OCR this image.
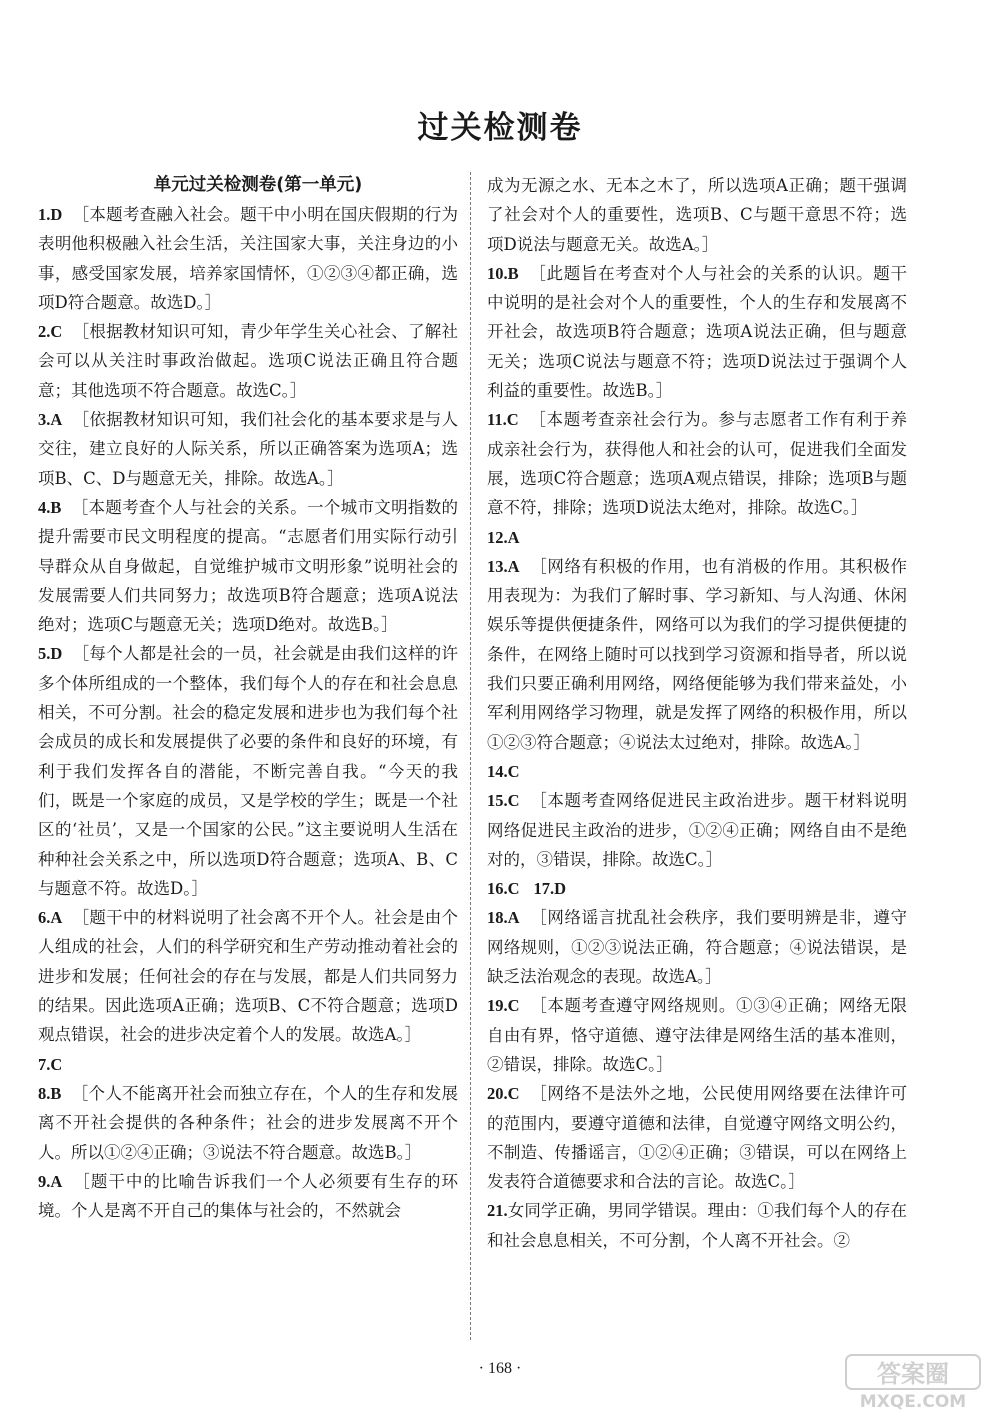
过关检测卷
单元过关检测卷(第一单元)
1.D ［本题考查融入社会。题干中小明在国庆假期的行为表明他积极融入社会生活，关注国家大事，关注身边的小事，感受国家发展，培养家国情怀，①②③④都正确，选项D符合题意。故选D。］
2.C ［根据教材知识可知，青少年学生关心社会、了解社会可以从关注时事政治做起。选项C说法正确且符合题意；其他选项不符合题意。故选C。］
3.A ［依据教材知识可知，我们社会化的基本要求是与人交往，建立良好的人际关系，所以正确答案为选项A；选项B、C、D与题意无关，排除。故选A。］
4.B ［本题考查个人与社会的关系。一个城市文明指数的提升需要市民文明程度的提高。“志愿者们用实际行动引导群众从自身做起，自觉维护城市文明形象”说明社会的发展需要人们共同努力；故选项B符合题意；选项A说法绝对；选项C与题意无关；选项D绝对。故选B。］
5.D ［每个人都是社会的一员，社会就是由我们这样的许多个体所组成的一个整体，我们每个人的存在和社会息息相关，不可分割。社会的稳定发展和进步也为我们每个社会成员的成长和发展提供了必要的条件和良好的环境，有利于我们发挥各自的潜能，不断完善自我。“今天的我们，既是一个家庭的成员，又是学校的学生；既是一个社区的‘社员’，又是一个国家的公民。”这主要说明人生活在种种社会关系之中，所以选项D符合题意；选项A、B、C与题意不符。故选D。］
6.A ［题干中的材料说明了社会离不开个人。社会是由个人组成的社会，人们的科学研究和生产劳动推动着社会的进步和发展；任何社会的存在与发展，都是人们共同努力的结果。因此选项A正确；选项B、C不符合题意；选项D观点错误，社会的进步决定着个人的发展。故选A。］
7.C
8.B ［个人不能离开社会而独立存在，个人的生存和发展离不开社会提供的各种条件；社会的进步发展离不开个人。所以①②④正确；③说法不符合题意。故选B。］
9.A ［题干中的比喻告诉我们一个人必须要有生存的环境。个人是离不开自己的集体与社会的，不然就会
成为无源之水、无本之木了，所以选项A正确；题干强调了社会对个人的重要性，选项B、C与题干意思不符；选项D说法与题意无关。故选A。］
10.B ［此题旨在考查对个人与社会的关系的认识。题干中说明的是社会对个人的重要性，个人的生存和发展离不开社会，故选项B符合题意；选项A说法正确，但与题意无关；选项C说法与题意不符；选项D说法过于强调个人利益的重要性。故选B。］
11.C ［本题考查亲社会行为。参与志愿者工作有利于养成亲社会行为，获得他人和社会的认可，促进我们全面发展，选项C符合题意；选项A观点错误，排除；选项B与题意不符，排除；选项D说法太绝对，排除。故选C。］
12.A
13.A ［网络有积极的作用，也有消极的作用。其积极作用表现为：为我们了解时事、学习新知、与人沟通、休闲娱乐等提供便捷条件，网络可以为我们的学习提供便捷的条件，在网络上随时可以找到学习资源和指导者，所以说我们只要正确利用网络，网络便能够为我们带来益处，小军利用网络学习物理，就是发挥了网络的积极作用，所以①②③符合题意；④说法太过绝对，排除。故选A。］
14.C
15.C ［本题考查网络促进民主政治进步。题干材料说明网络促进民主政治的进步，①②④正确；网络自由不是绝对的，③错误，排除。故选C。］
16.C 17.D
18.A ［网络谣言扰乱社会秩序，我们要明辨是非，遵守网络规则，①②③说法正确，符合题意；④说法错误，是缺乏法治观念的表现。故选A。］
19.C ［本题考查遵守网络规则。①③④正确；网络无限自由有界，恪守道德、遵守法律是网络生活的基本准则，②错误，排除。故选C。］
20.C ［网络不是法外之地，公民使用网络要在法律许可的范围内，要遵守道德和法律，自觉遵守网络文明公约，不制造、传播谣言，①②④正确；③错误，可以在网络上发表符合道德要求和合法的言论。故选C。］
21.女同学正确，男同学错误。理由：①我们每个人的存在和社会息息相关，不可分割，个人离不开社会。②
· 168 ·	答案圈
MXQE.COM
